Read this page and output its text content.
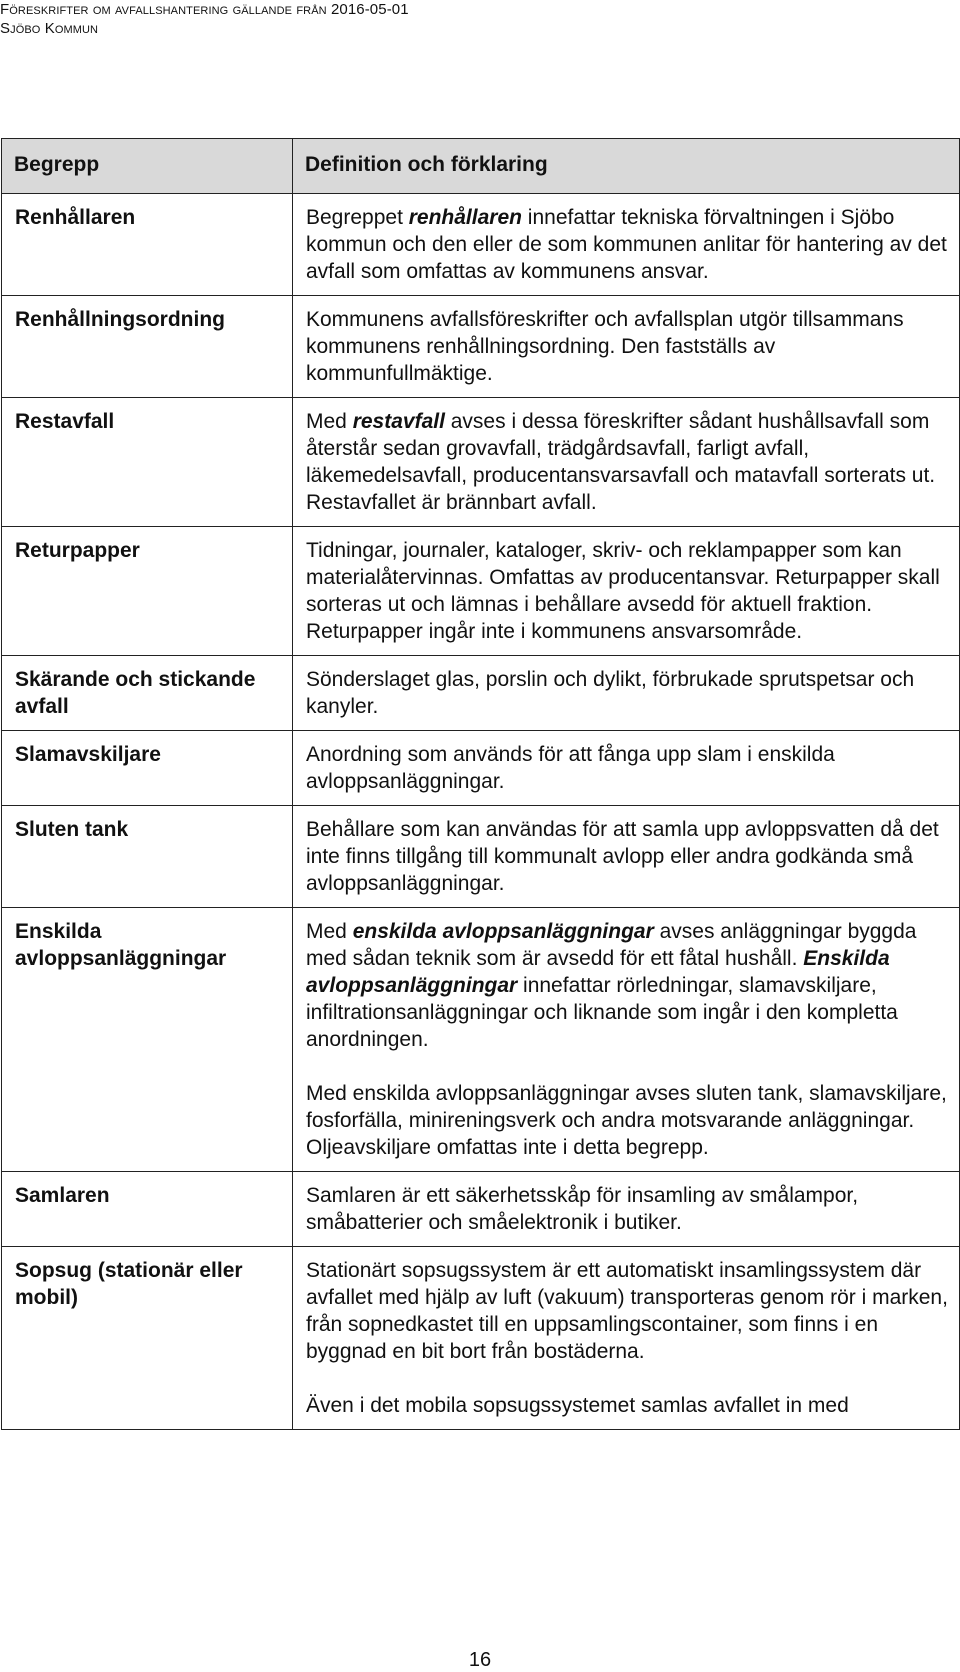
Föreskrifter om avfallshantering gällande från 2016-05-01
Sjöbo Kommun
Begrepp	Definition och förklaring
Renhållaren	Begreppet renhållaren innefattar tekniska förvaltningen i Sjöbo kommun och den eller de som kommunen anlitar för hantering av det avfall som omfattas av kommunens ansvar.

Renhållningsordning	Kommunens avfallsföreskrifter och avfallsplan utgör tillsammans kommunens renhållningsordning. Den fastställs av kommunfullmäktige.

Restavfall	Med restavfall avses i dessa föreskrifter sådant hushållsavfall som återstår sedan grovavfall, trädgårdsavfall, farligt avfall, läkemedelsavfall, producentansvarsavfall och matavfall sorterats ut. Restavfallet är brännbart avfall.

Returpapper	Tidningar, journaler, kataloger, skriv- och reklampapper som kan materialåtervinnas. Omfattas av producentansvar. Returpapper skall sorteras ut och lämnas i behållare avsedd för aktuell fraktion. Returpapper ingår inte i kommunens ansvarsområde.

Skärande och stickande avfall	Sönderslaget glas, porslin och dylikt, förbrukade sprutspetsar och kanyler.

Slamavskiljare	Anordning som används för att fånga upp slam i enskilda avloppsanläggningar.

Sluten tank	Behållare som kan användas för att samla upp avloppsvatten då det inte finns tillgång till kommunalt avlopp eller andra godkända små avloppsanläggningar.

Enskilda avloppsanläggningar	Med enskilda avloppsanläggningar avses anläggningar byggda med sådan teknik som är avsedd för ett fåtal hushåll. Enskilda avloppsanläggningar innefattar rörledningar, slamavskiljare, infiltrationsanläggningar och liknande som ingår i den kompletta anordningen.

Med enskilda avloppsanläggningar avses sluten tank, slamavskiljare, fosforfälla, minireningsverk och andra motsvarande anläggningar. Oljeavskiljare omfattas inte i detta begrepp.

Samlaren	Samlaren är ett säkerhetsskåp för insamling av smålampor, småbatterier och småelektronik i butiker.

Sopsug (stationär eller mobil)	Stationärt sopsugssystem är ett automatiskt insamlingssystem där avfallet med hjälp av luft (vakuum) transporteras genom rör i marken, från sopnedkastet till en uppsamlingscontainer, som finns i en byggnad en bit bort från bostäderna.

Även i det mobila sopsugssystemet samlas avfallet in med

16
